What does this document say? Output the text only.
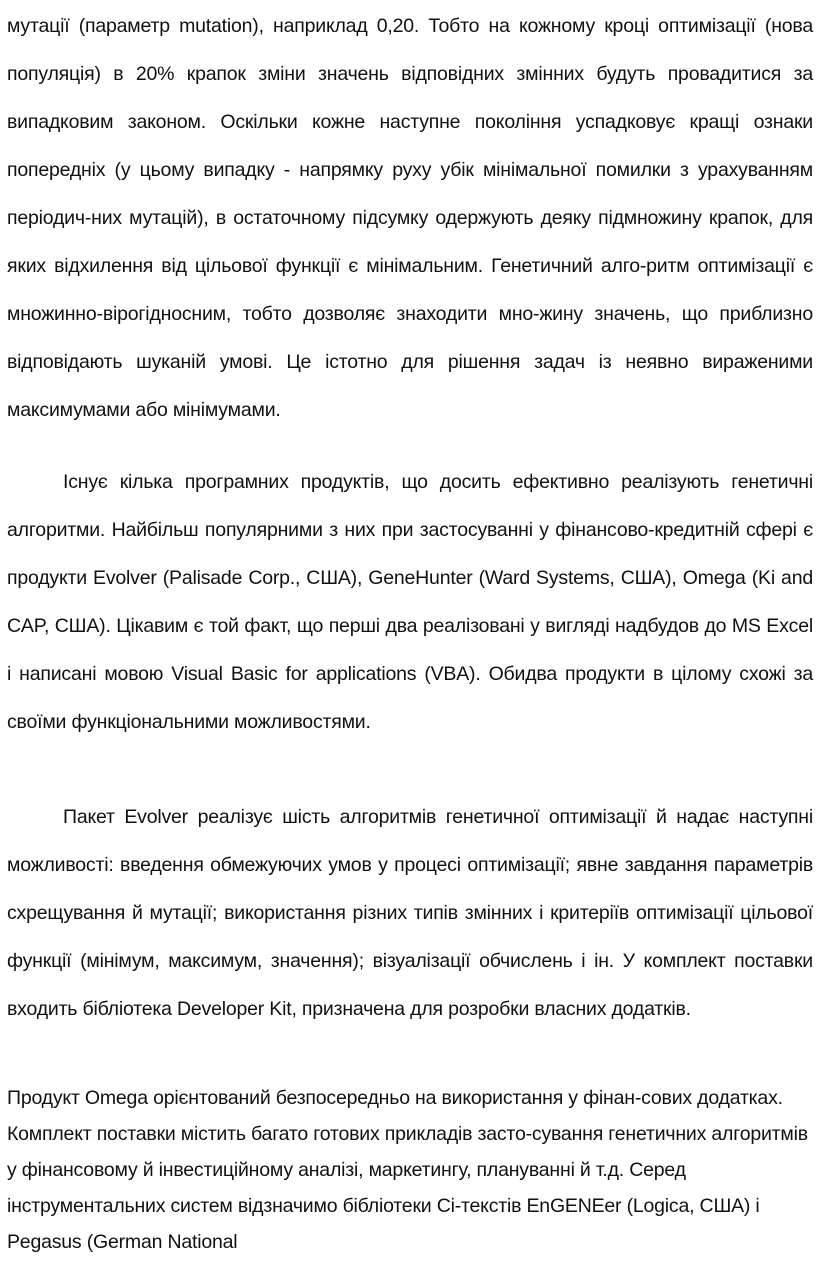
мутації (параметр mutation), наприклад 0,20. Тобто на кожному кроці оптимізації (нова популяція) в 20% крапок зміни значень відповідних змінних будуть провадитися за випадковим законом. Оскільки кожне наступне покоління успадковує кращі ознаки попередніх (у цьому випадку - напрямку руху убік мінімальної помилки з урахуванням періодич-них мутацій), в остаточному підсумку одержують деяку підмножину крапок, для яких відхилення від цільової функції є мінімальним. Генетичний алго-ритм оптимізації є множинно-вірогідносним, тобто дозволяє знаходити мно-жину значень, що приблизно відповідають шуканій умові. Це істотно для рішення задач із неявно вираженими максимумами або мінімумами.

Існує кілька програмних продуктів, що досить ефективно реалізують генетичні алгоритми. Найбільш популярними з них при застосуванні у фінансово-кредитній сфері є продукти Evolver (Palisade Corp., США), GeneHunter (Ward Systems, США), Omega (Ki and CAP, США). Цікавим є той факт, що перші два реалізовані у вигляді надбудов до MS Excel і написані мовою Visual Basic for applications (VBA). Обидва продукти в цілому схожі за своїми функціональними можливостями.

Пакет Evolver реалізує шість алгоритмів генетичної оптимізації й надає наступні можливості: введення обмежуючих умов у процесі оптимізації; явне завдання параметрів схрещування й мутації; використання різних типів змінних і критеріїв оптимізації цільової функції (мінімум, максимум, значення); візуалізації обчислень і ін. У комплект поставки входить бібліотека Developer Kit, призначена для розробки власних додатків.

Продукт Omega орієнтований безпосередньо на використання у фінан-сових додатках. Комплект поставки містить багато готових прикладів засто-сування генетичних алгоритмів у фінансовому й інвестиційному аналізі, маркетингу, плануванні й т.д. Серед інструментальних систем відзначимо бібліотеки Сі-текстів EnGENEer (Logica, США) і Pegasus (German National
